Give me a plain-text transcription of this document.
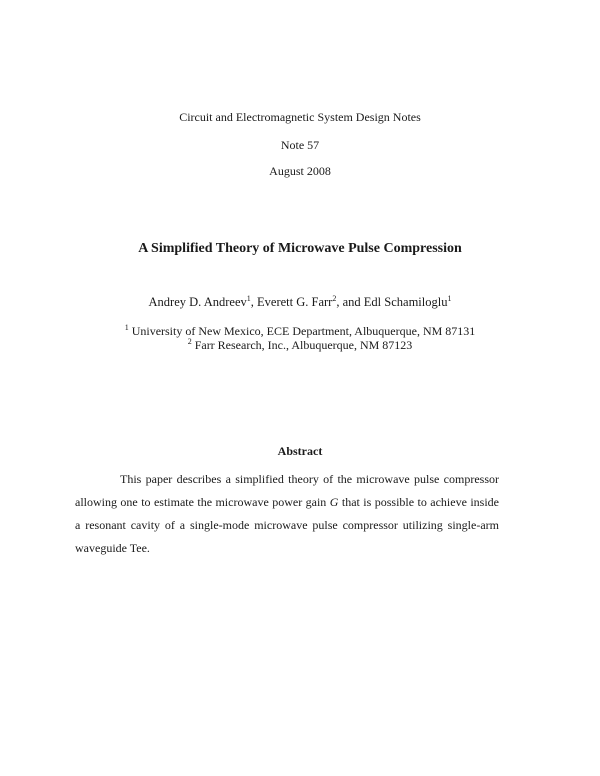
Circuit and Electromagnetic System Design Notes
Note 57
August 2008
A Simplified Theory of Microwave Pulse Compression
Andrey D. Andreev$^1$, Everett G. Farr$^2$, and Edl Schamiloglu$^1$
$^1$ University of New Mexico, ECE Department, Albuquerque, NM 87131
$^2$ Farr Research, Inc., Albuquerque, NM 87123
Abstract

This paper describes a simplified theory of the microwave pulse compressor allowing one to estimate the microwave power gain G that is possible to achieve inside a resonant cavity of a single-mode microwave pulse compressor utilizing single-arm waveguide Tee.
